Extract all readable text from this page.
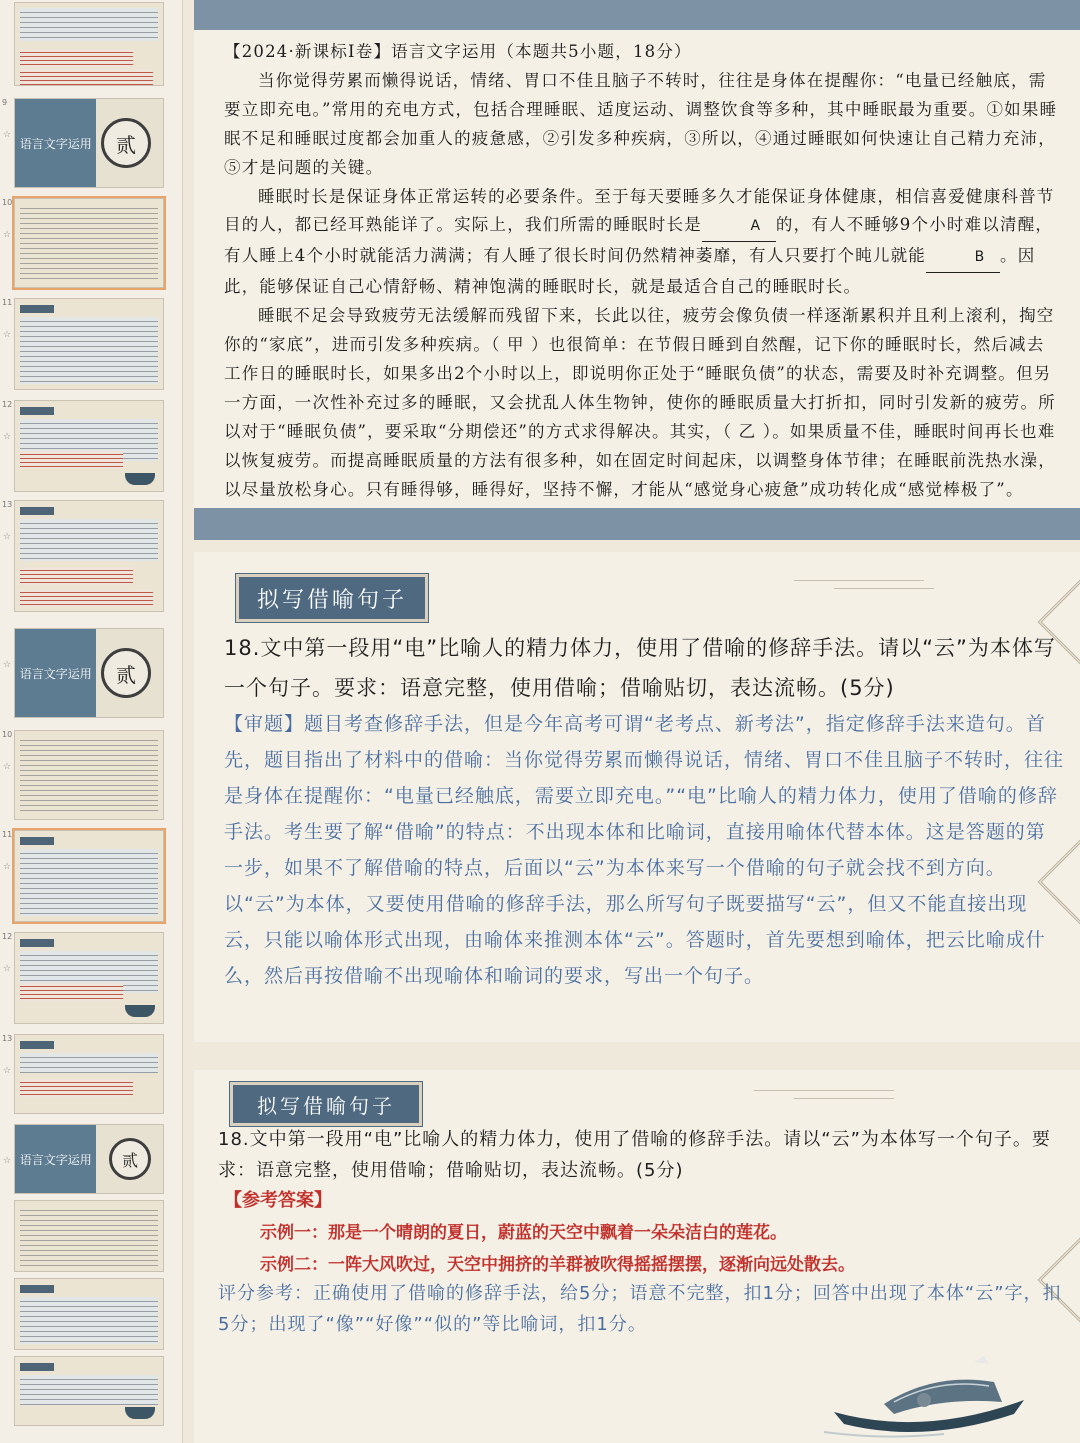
9
☆
语言文字运用 贰
10
☆
11
☆
12
☆
13
☆
☆
语言文字运用 贰
10
☆
11
☆
12
☆
13
☆
☆ 语言文字运用 贰
【2024·新课标Ⅰ卷】语言文字运用（本题共5小题，18分）
当你觉得劳累而懒得说话，情绪、胃口不佳且脑子不转时，往往是身体在提醒你：“电量已经触底，需要立即充电。”常用的充电方式，包括合理睡眠、适度运动、调整饮食等多种，其中睡眠最为重要。①如果睡眠不足和睡眠过度都会加重人的疲惫感，②引发多种疾病，③所以，④通过睡眠如何快速让自己精力充沛，⑤才是问题的关键。
睡眠时长是保证身体正常运转的必要条件。至于每天要睡多久才能保证身体健康，相信喜爱健康科普节目的人，都已经耳熟能详了。实际上，我们所需的睡眠时长是	A 的，有人不睡够9个小时难以清醒，有人睡上4个小时就能活力满满；有人睡了很长时间仍然精神萎靡，有人只要打个盹儿就能	B 。因此，能够保证自己心情舒畅、精神饱满的睡眠时长，就是最适合自己的睡眠时长。
睡眠不足会导致疲劳无法缓解而残留下来，长此以往，疲劳会像负债一样逐渐累积并且利上滚利，掏空你的“家底”，进而引发多种疾病。（ 甲 ）也很简单：在节假日睡到自然醒，记下你的睡眠时长，然后减去工作日的睡眠时长，如果多出2个小时以上，即说明你正处于“睡眠负债”的状态，需要及时补充调整。但另一方面，一次性补充过多的睡眠，又会扰乱人体生物钟，使你的睡眠质量大打折扣，同时引发新的疲劳。所以对于“睡眠负债”，要采取“分期偿还”的方式求得解决。其实，（ 乙 ）。如果质量不佳，睡眠时间再长也难以恢复疲劳。而提高睡眠质量的方法有很多种，如在固定时间起床，以调整身体节律；在睡眠前洗热水澡，以尽量放松身心。只有睡得够，睡得好，坚持不懈，才能从“感觉身心疲惫”成功转化成“感觉棒极了”。
拟写借喻句子
18.文中第一段用“电”比喻人的精力体力，使用了借喻的修辞手法。请以“云”为本体写一个句子。要求：语意完整，使用借喻；借喻贴切，表达流畅。(5分)
【审题】题目考查修辞手法，但是今年高考可谓“老考点、新考法”，指定修辞手法来造句。首先，题目指出了材料中的借喻：当你觉得劳累而懒得说话，情绪、胃口不佳且脑子不转时，往往是身体在提醒你：“电量已经触底，需要立即充电。”“电”比喻人的精力体力，使用了借喻的修辞手法。考生要了解“借喻”的特点：不出现本体和比喻词，直接用喻体代替本体。这是答题的第一步，如果不了解借喻的特点，后面以“云”为本体来写一个借喻的句子就会找不到方向。以“云”为本体，又要使用借喻的修辞手法，那么所写句子既要描写“云”，但又不能直接出现云，只能以喻体形式出现，由喻体来推测本体“云”。答题时，首先要想到喻体，把云比喻成什么，然后再按借喻不出现喻体和喻词的要求，写出一个句子。
拟写借喻句子
18.文中第一段用“电”比喻人的精力体力，使用了借喻的修辞手法。请以“云”为本体写一个句子。要求：语意完整，使用借喻；借喻贴切，表达流畅。(5分)
【参考答案】
示例一：那是一个晴朗的夏日，蔚蓝的天空中飘着一朵朵洁白的莲花。
示例二：一阵大风吹过，天空中拥挤的羊群被吹得摇摇摆摆，逐渐向远处散去。
评分参考：正确使用了借喻的修辞手法，给5分；语意不完整，扣1分；回答中出现了本体“云”字，扣5分；出现了“像”“好像”“似的”等比喻词，扣1分。
